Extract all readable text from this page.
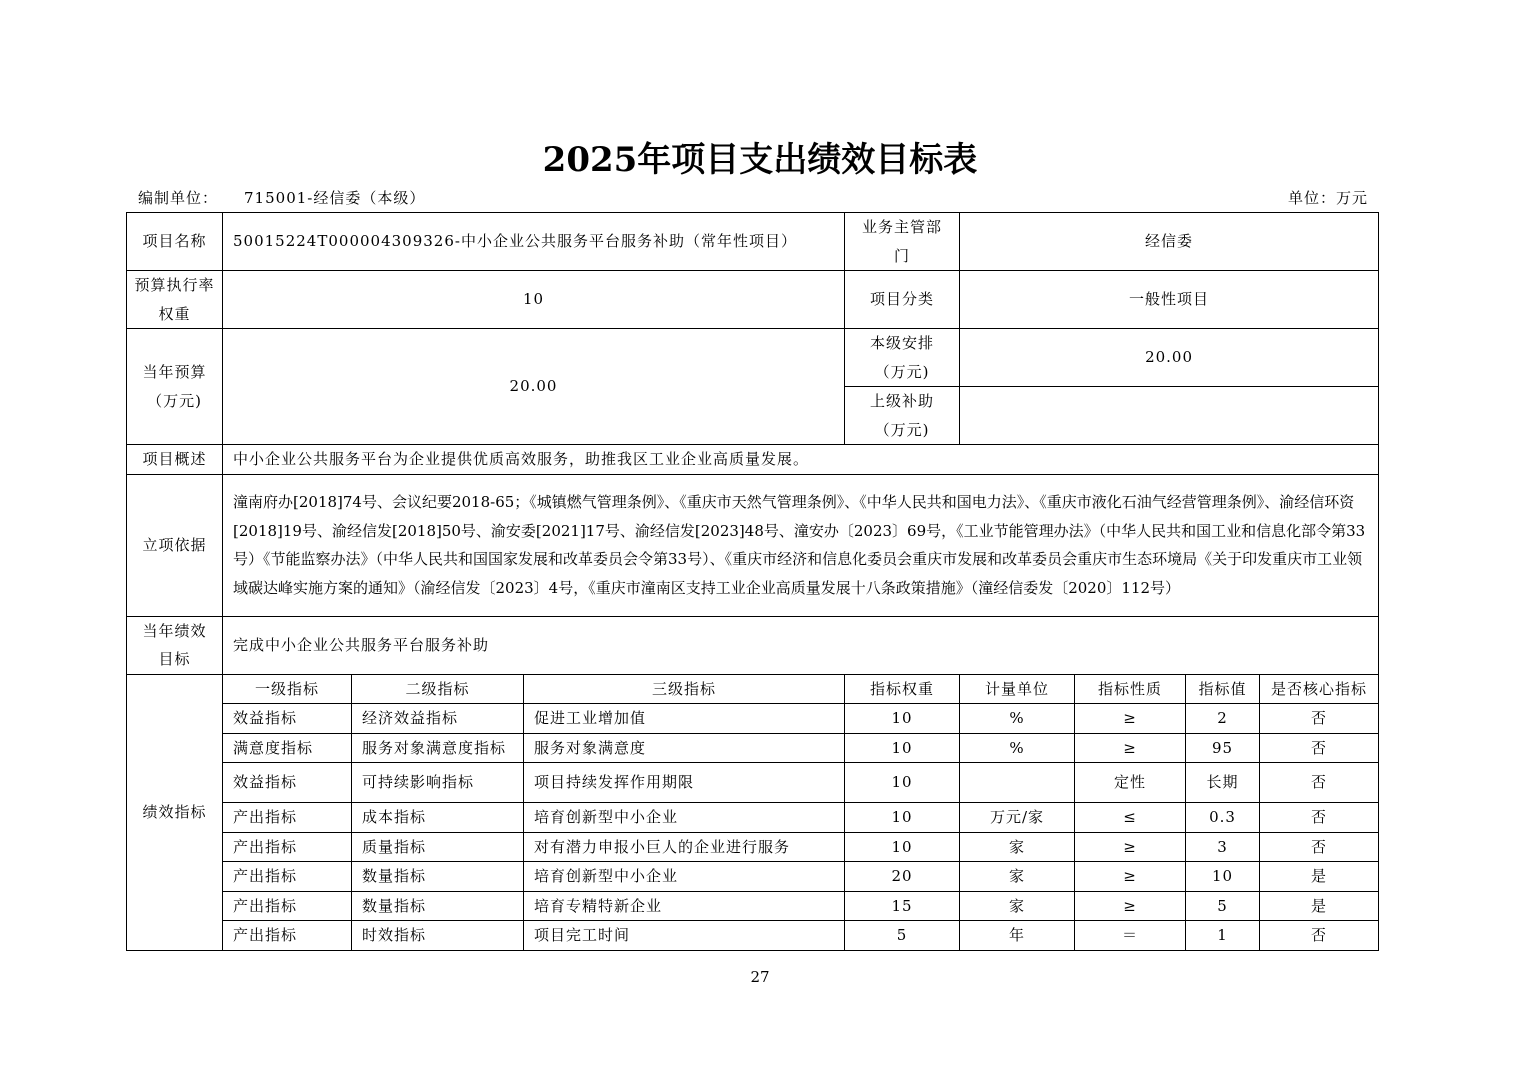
2025年项目支出绩效目标表
编制单位： 715001-经信委（本级）	单位：万元
项目名称	50015224T000004309326-中小企业公共服务平台服务补助（常年性项目）			业务主管部门	经信委			
预算执行率权重	10			项目分类	一般性项目			
当年预算（万元)	20.00			本级安排（万元)	20.00			
				上级补助（万元)				
项目概述	中小企业公共服务平台为企业提供优质高效服务，助推我区工业企业高质量发展。							
立项依据	潼南府办[2018]74号、会议纪要2018-65；《城镇燃气管理条例》、《重庆市天然气管理条例》、《中华人民共和国电力法》、《重庆市液化石油气经营管理条例》、渝经信环资[2018]19号、渝经信发[2018]50号、渝安委[2021]17号、渝经信发[2023]48号、潼安办〔2023〕69号，《工业节能管理办法》（中华人民共和国工业和信息化部令第33号）《节能监察办法》（中华人民共和国国家发展和改革委员会令第33号）、《重庆市经济和信息化委员会重庆市发展和改革委员会重庆市生态环境局《关于印发重庆市工业领域碳达峰实施方案的通知》（渝经信发〔2023〕4号，《重庆市潼南区支持工业企业高质量发展十八条政策措施》（潼经信委发〔2020〕112号）							
当年绩效目标	完成中小企业公共服务平台服务补助							
绩效指标	一级指标	二级指标	三级指标	指标权重	计量单位	指标性质	指标值	是否核心指标
	效益指标	经济效益指标	促进工业增加值	10	%	≥	2	否
	满意度指标	服务对象满意度指标	服务对象满意度	10	%	≥	95	否
	效益指标	可持续影响指标	项目持续发挥作用期限	10		定性	长期	否
	产出指标	成本指标	培育创新型中小企业	10	万元/家	≤	0.3	否
	产出指标	质量指标	对有潜力申报小巨人的企业进行服务	10	家	≥	3	否
	产出指标	数量指标	培育创新型中小企业	20	家	≥	10	是
	产出指标	数量指标	培育专精特新企业	15	家	≥	5	是
	产出指标	时效指标	项目完工时间	5	年	＝	1	否
27
